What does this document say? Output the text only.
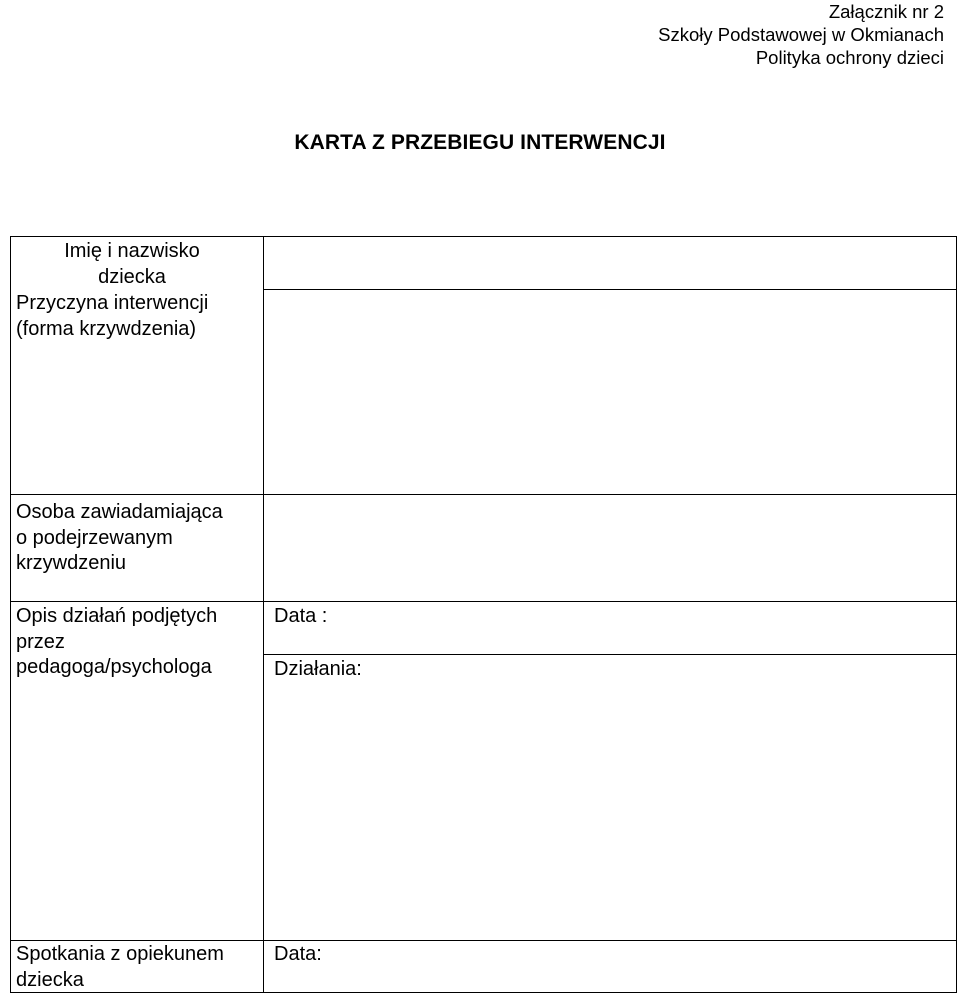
Załącznik nr 2
Szkoły Podstawowej w Okmianach
Polityka ochrony dzieci
KARTA Z PRZEBIEGU INTERWENCJI
Imię i nazwisko
dziecka
Przyczyna interwencji
(forma krzywdzenia)
Osoba zawiadamiająca
o podejrzewanym
krzywdzeniu
Opis działań podjętych
przez
pedagoga/psychologa
Data :
Działania:
Spotkania z opiekunem
dziecka
Data:
